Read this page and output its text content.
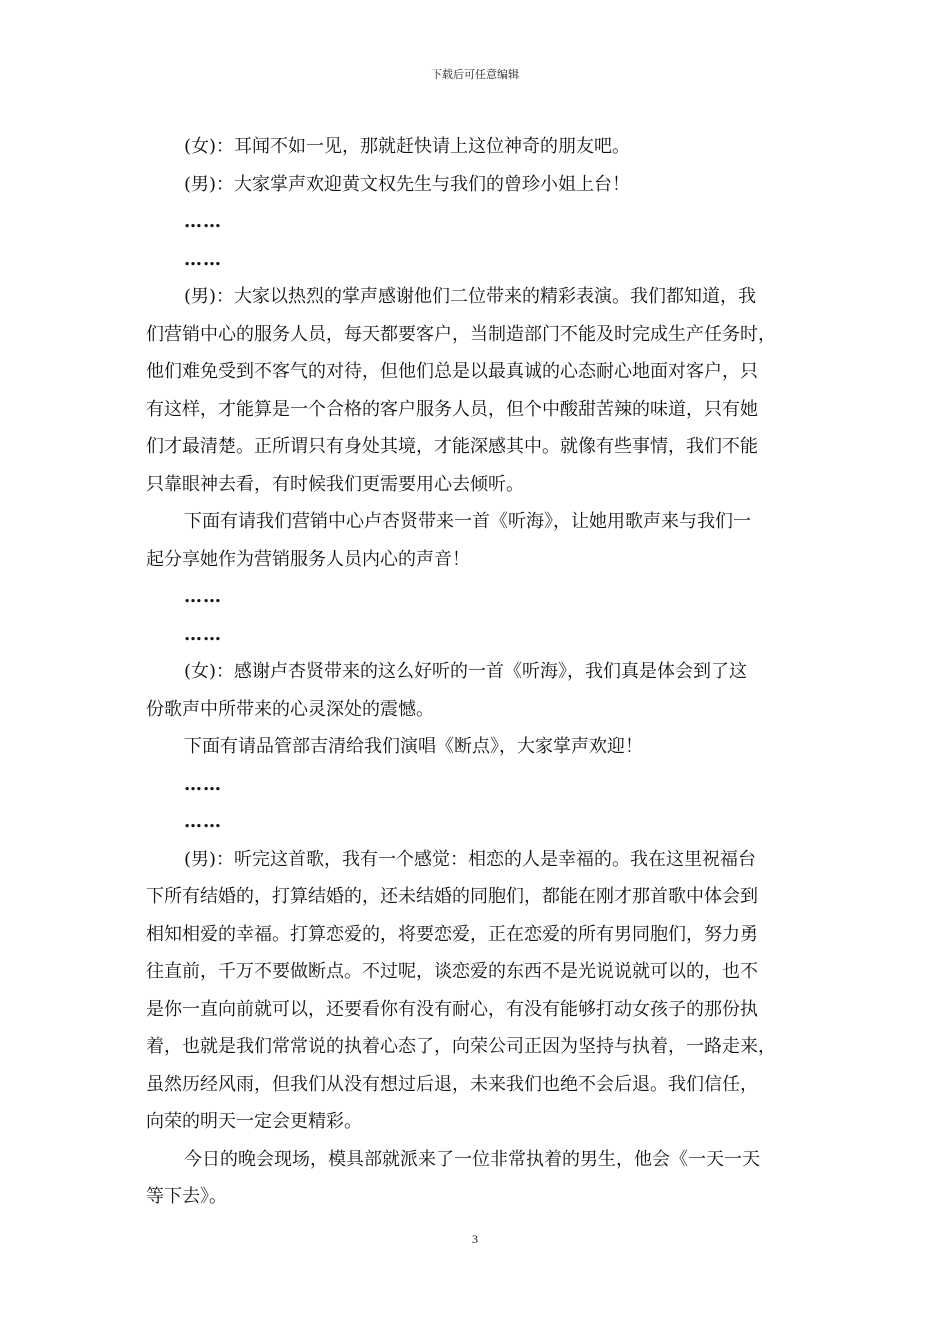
下载后可任意编辑
(女)：耳闻不如一见，那就赶快请上这位神奇的朋友吧。
(男)：大家掌声欢迎黄文权先生与我们的曾珍小姐上台！
……
……
(男)：大家以热烈的掌声感谢他们二位带来的精彩表演。我们都知道，我
们营销中心的服务人员，每天都要客户，当制造部门不能及时完成生产任务时，
他们难免受到不客气的对待，但他们总是以最真诚的心态耐心地面对客户，只
有这样，才能算是一个合格的客户服务人员，但个中酸甜苦辣的味道，只有她
们才最清楚。正所谓只有身处其境，才能深感其中。就像有些事情，我们不能
只靠眼神去看，有时候我们更需要用心去倾听。
下面有请我们营销中心卢杏贤带来一首《听海》，让她用歌声来与我们一
起分享她作为营销服务人员内心的声音！
……
……
(女)：感谢卢杏贤带来的这么好听的一首《听海》，我们真是体会到了这
份歌声中所带来的心灵深处的震憾。
下面有请品管部吉清给我们演唱《断点》，大家掌声欢迎！
……
……
(男)：听完这首歌，我有一个感觉：相恋的人是幸福的。我在这里祝福台
下所有结婚的，打算结婚的，还未结婚的同胞们，都能在刚才那首歌中体会到
相知相爱的幸福。打算恋爱的，将要恋爱，正在恋爱的所有男同胞们，努力勇
往直前，千万不要做断点。不过呢，谈恋爱的东西不是光说说就可以的，也不
是你一直向前就可以，还要看你有没有耐心，有没有能够打动女孩子的那份执
着，也就是我们常常说的执着心态了，向荣公司正因为坚持与执着，一路走来，
虽然历经风雨，但我们从没有想过后退，未来我们也绝不会后退。我们信任，
向荣的明天一定会更精彩。
今日的晚会现场，模具部就派来了一位非常执着的男生，他会《一天一天
等下去》。
3
